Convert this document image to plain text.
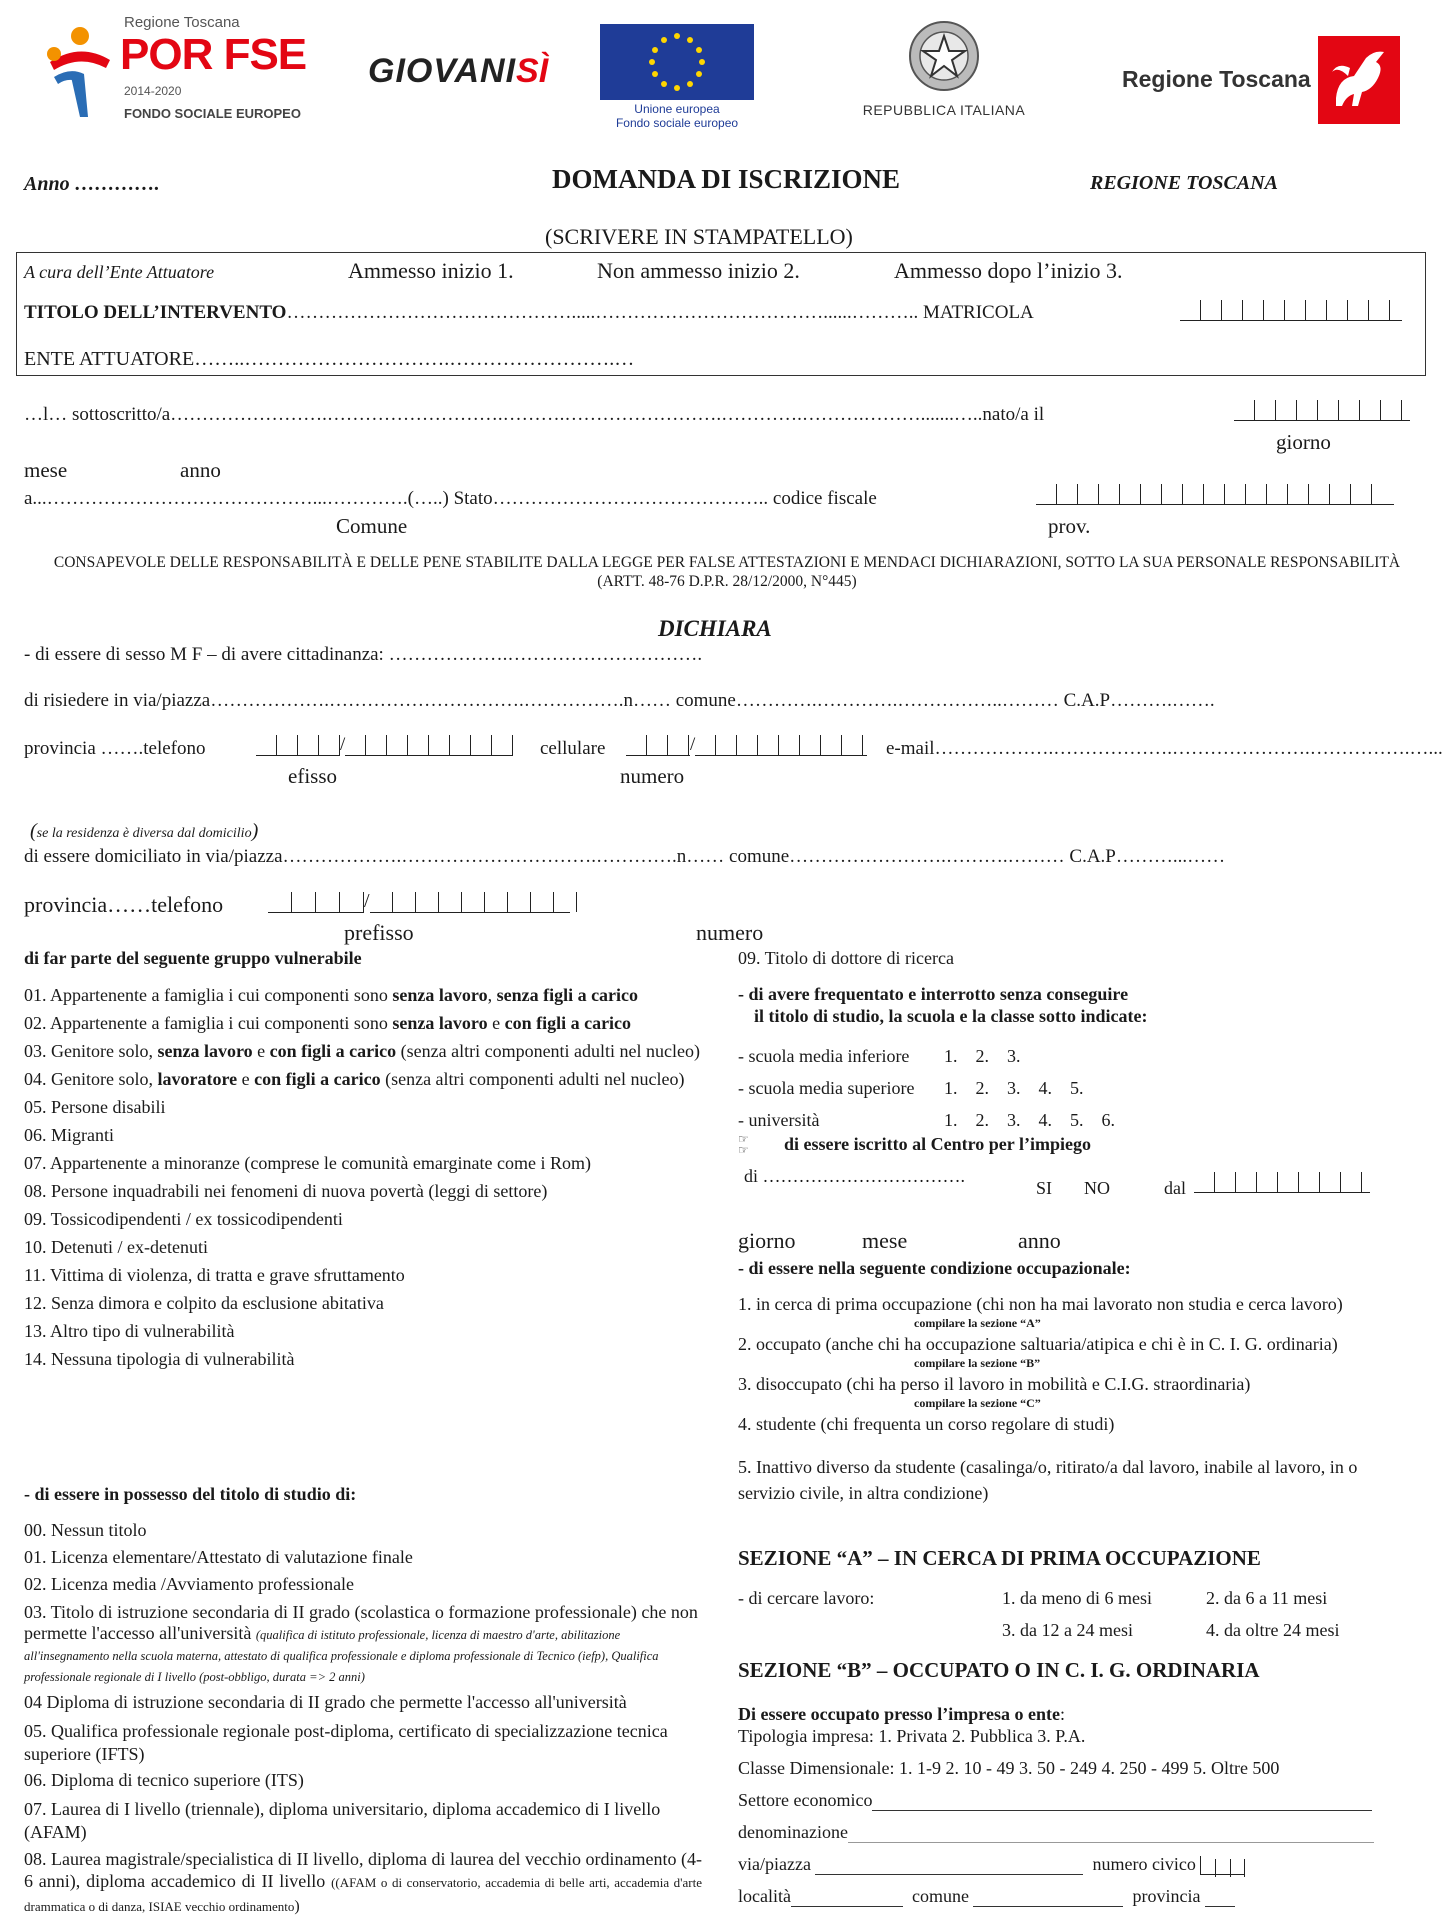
Regione Toscana
POR FSE
2014-2020
FONDO SOCIALE EUROPEO
GIOVANISÌ
Unione europea
Fondo sociale europeo
REPUBBLICA ITALIANA
Regione Toscana
Anno ………….	DOMANDA DI ISCRIZIONE	REGIONE TOSCANA
(SCRIVERE IN STAMPATELLO)
A cura dell’Ente Attuatore	Ammesso inizio 1.	Non ammesso inizio 2.	Ammesso dopo l’inizio 3.
TITOLO DELL’INTERVENTO……………………………………….....………………………………......……….. MATRICOLA
ENTE ATTUATORE……..………………………….…………………….…
…l… sottoscritto/a…………………….……………………….……….…………………….………….……….……….......…..nato/a il
giorno
mese	anno
a...……………………………………...………….(…..) Stato…………………………………….. codice fiscale
Comune	prov.
CONSAPEVOLE DELLE RESPONSABILITÀ E DELLE PENE STABILITE DALLA LEGGE PER FALSE ATTESTAZIONI E MENDACI DICHIARAZIONI, SOTTO LA SUA PERSONALE RESPONSABILITÀ (ARTT. 48-76 D.P.R. 28/12/2000, N°445)
DICHIARA
- di essere di sesso M F – di avere cittadinanza: ……………….………………………….
di risiedere in via/piazza……………….………………………….…………….n…… comune………….………….……………..……… C.A.P……….…….
provincia …….telefono	/	cellulare	/	e-mail……………….……………….………………….…………….…...
efisso	numero
(se la residenza è diversa dal domicilio)
di essere domiciliato in via/piazza……………….………………………….………….n…… comune…………………….……….……… C.A.P………...……
provincia……telefono	/
prefisso	numero
di far parte del seguente gruppo vulnerabile
01. Appartenente a famiglia i cui componenti sono senza lavoro, senza figli a carico
02. Appartenente a famiglia i cui componenti sono senza lavoro e con figli a carico
03. Genitore solo, senza lavoro e con figli a carico (senza altri componenti adulti nel nucleo)
04. Genitore solo, lavoratore e con figli a carico (senza altri componenti adulti nel nucleo)
05. Persone disabili
06. Migranti
07. Appartenente a minoranze (comprese le comunità emarginate come i Rom)
08. Persone inquadrabili nei fenomeni di nuova povertà (leggi di settore)
09. Tossicodipendenti / ex tossicodipendenti
10. Detenuti / ex-detenuti
11. Vittima di violenza, di tratta e grave sfruttamento
12. Senza dimora e colpito da esclusione abitativa
13. Altro tipo di vulnerabilità
14. Nessuna tipologia di vulnerabilità
- di essere in possesso del titolo di studio di:
00. Nessun titolo
01. Licenza elementare/Attestato di valutazione finale
02. Licenza media /Avviamento professionale
03. Titolo di istruzione secondaria di II grado (scolastica o formazione professionale) che non permette l'accesso all'università (qualifica di istituto professionale, licenza di maestro d'arte, abilitazione all'insegnamento nella scuola materna, attestato di qualifica professionale e diploma professionale di Tecnico (iefp), Qualifica professionale regionale di I livello (post-obbligo, durata => 2 anni)
04 Diploma di istruzione secondaria di II grado che permette l'accesso all'università
05. Qualifica professionale regionale post-diploma, certificato di specializzazione tecnica superiore (IFTS)
06. Diploma di tecnico superiore (ITS)
07. Laurea di I livello (triennale), diploma universitario, diploma accademico di I livello (AFAM)
08. Laurea magistrale/specialistica di II livello, diploma di laurea del vecchio ordinamento (4-6 anni), diploma accademico di II livello ((AFAM o di conservatorio, accademia di belle arti, accademia d'arte drammatica o di danza, ISIAE vecchio ordinamento)
09. Titolo di dottore di ricerca
- di avere frequentato e interrotto senza conseguire
il titolo di studio, la scuola e la classe sotto indicate:
- scuola media inferiore 1.    2.    3.
- scuola media superiore 1.    2.    3.    4.    5.
- università	1.    2.    3.    4.    5.    6.
☞
☞ di essere iscritto al Centro per l’impiego
di …………………………….
SI NO	dal
giorno	mese	anno
- di essere nella seguente condizione occupazionale:
1. in cerca di prima occupazione (chi non ha mai lavorato non studia e cerca lavoro)
compilare la sezione “A”
2. occupato (anche chi ha occupazione saltuaria/atipica e chi è in C. I. G. ordinaria)
compilare la sezione “B”
3. disoccupato (chi ha perso il lavoro in mobilità e C.I.G. straordinaria)
compilare la sezione “C”
4. studente (chi frequenta un corso regolare di studi)
5. Inattivo diverso da studente (casalinga/o, ritirato/a dal lavoro, inabile al lavoro, in o servizio civile, in altra condizione)
SEZIONE “A” – IN CERCA DI PRIMA OCCUPAZIONE
- di cercare lavoro:	1. da meno di 6 mesi	2. da 6 a 11 mesi
3. da 12 a 24 mesi	4. da oltre 24 mesi
SEZIONE “B” – OCCUPATO O IN C. I. G. ORDINARIA
Di essere occupato presso l’impresa o ente:
Tipologia impresa: 1. Privata 2. Pubblica 3. P.A.
Classe Dimensionale: 1. 1-9 2. 10 - 49 3. 50 - 249 4. 250 - 499 5. Oltre 500
Settore economico
denominazione
via/piazza	numero civico
località	comune	provincia
